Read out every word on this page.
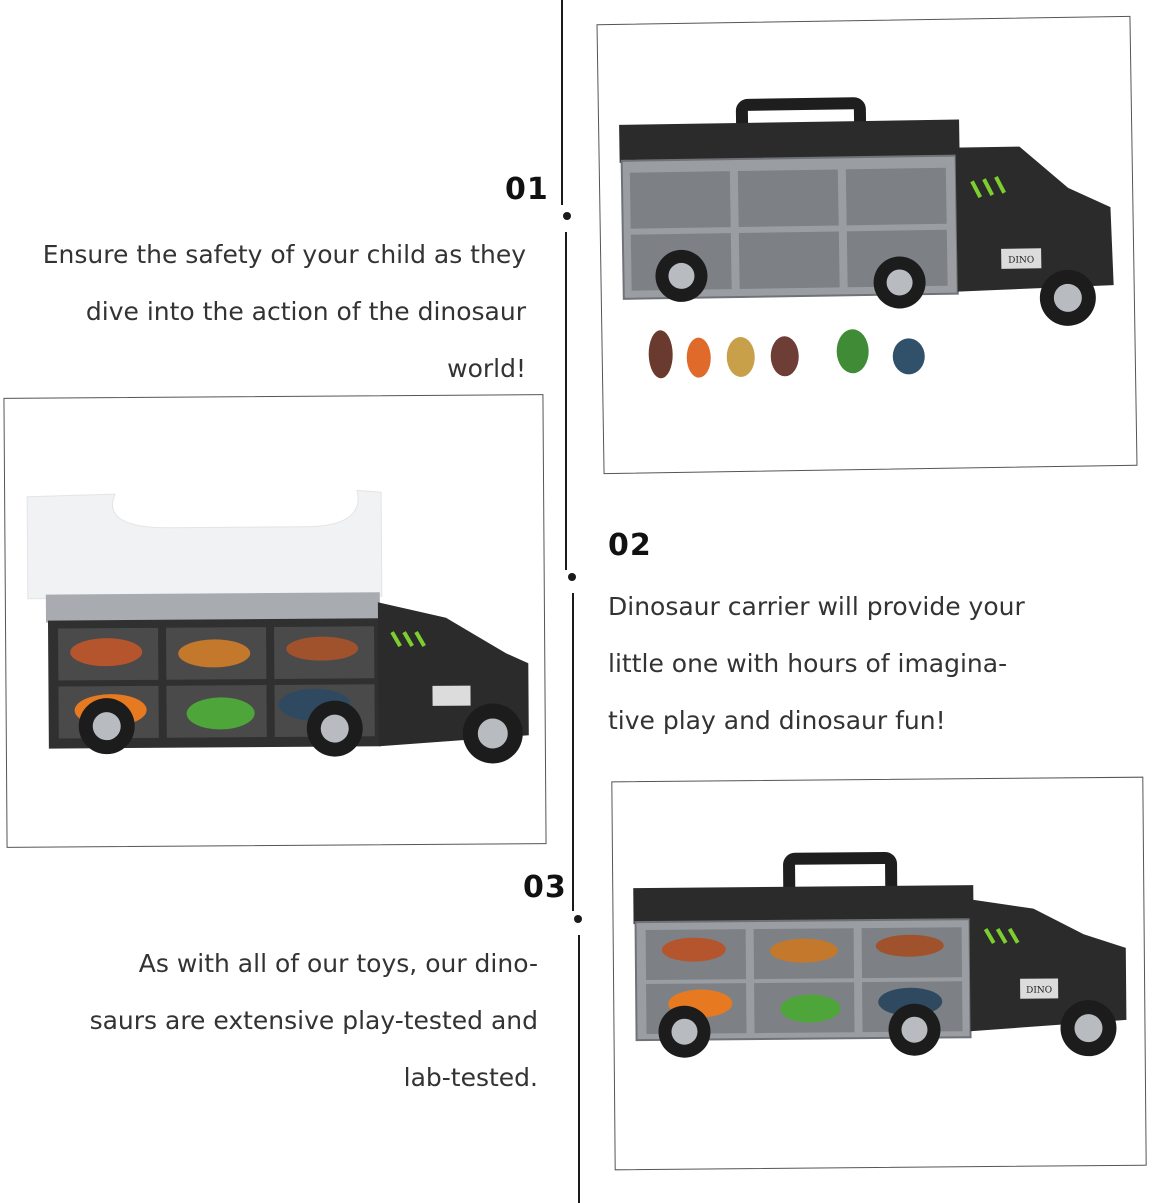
01
Ensure the safety of your child as they
dive into the action of the dinosaur
world!
02
Dinosaur carrier will provide your
little one with hours of imagina-
tive play and dinosaur fun!
03
As with all of our toys, our dino-
saurs are extensive play-tested and
lab-tested.
DINO
DINO
